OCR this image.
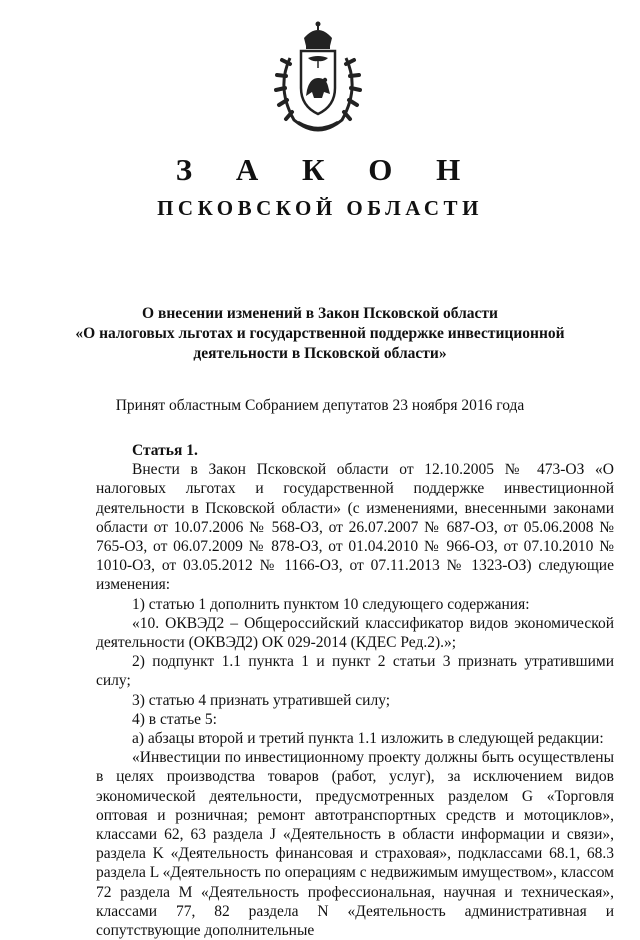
З А К О Н
ПСКОВСКОЙ ОБЛАСТИ
О внесении изменений в Закон Псковской области
«О налоговых льготах и государственной поддержке инвестиционной
деятельности в Псковской области»
Принят областным Собранием депутатов 23 ноября 2016 года

Статья 1.

Внести в Закон Псковской области от 12.10.2005 № 473-ОЗ «О налоговых льготах и государственной поддержке инвестиционной деятельности в Псковской области» (с изменениями, внесенными законами области от 10.07.2006 № 568-ОЗ, от 26.07.2007 № 687-ОЗ, от 05.06.2008 № 765-ОЗ, от 06.07.2009 № 878-ОЗ, от 01.04.2010 № 966-ОЗ, от 07.10.2010 № 1010-ОЗ, от 03.05.2012 № 1166-ОЗ, от 07.11.2013 № 1323-ОЗ) следующие изменения:

1) статью 1 дополнить пунктом 10 следующего содержания:

«10. ОКВЭД2 – Общероссийский классификатор видов экономической деятельности (ОКВЭД2) ОК 029-2014 (КДЕС Ред.2).»;

2) подпункт 1.1 пункта 1 и пункт 2 статьи 3 признать утратившими силу;

3) статью 4 признать утратившей силу;

4) в статье 5:

а) абзацы второй и третий пункта 1.1 изложить в следующей редакции:

«Инвестиции по инвестиционному проекту должны быть осуществлены в целях производства товаров (работ, услуг), за исключением видов экономической деятельности, предусмотренных разделом G «Торговля оптовая и розничная; ремонт автотранспортных средств и мотоциклов», классами 62, 63 раздела J «Деятельность в области информации и связи», раздела K «Деятельность финансовая и страховая», подклассами 68.1, 68.3 раздела L «Деятельность по операциям с недвижимым имуществом», классом 72 раздела M «Деятельность профессиональная, научная и техническая», классами 77, 82 раздела N «Деятельность административная и сопутствующие дополнительные
